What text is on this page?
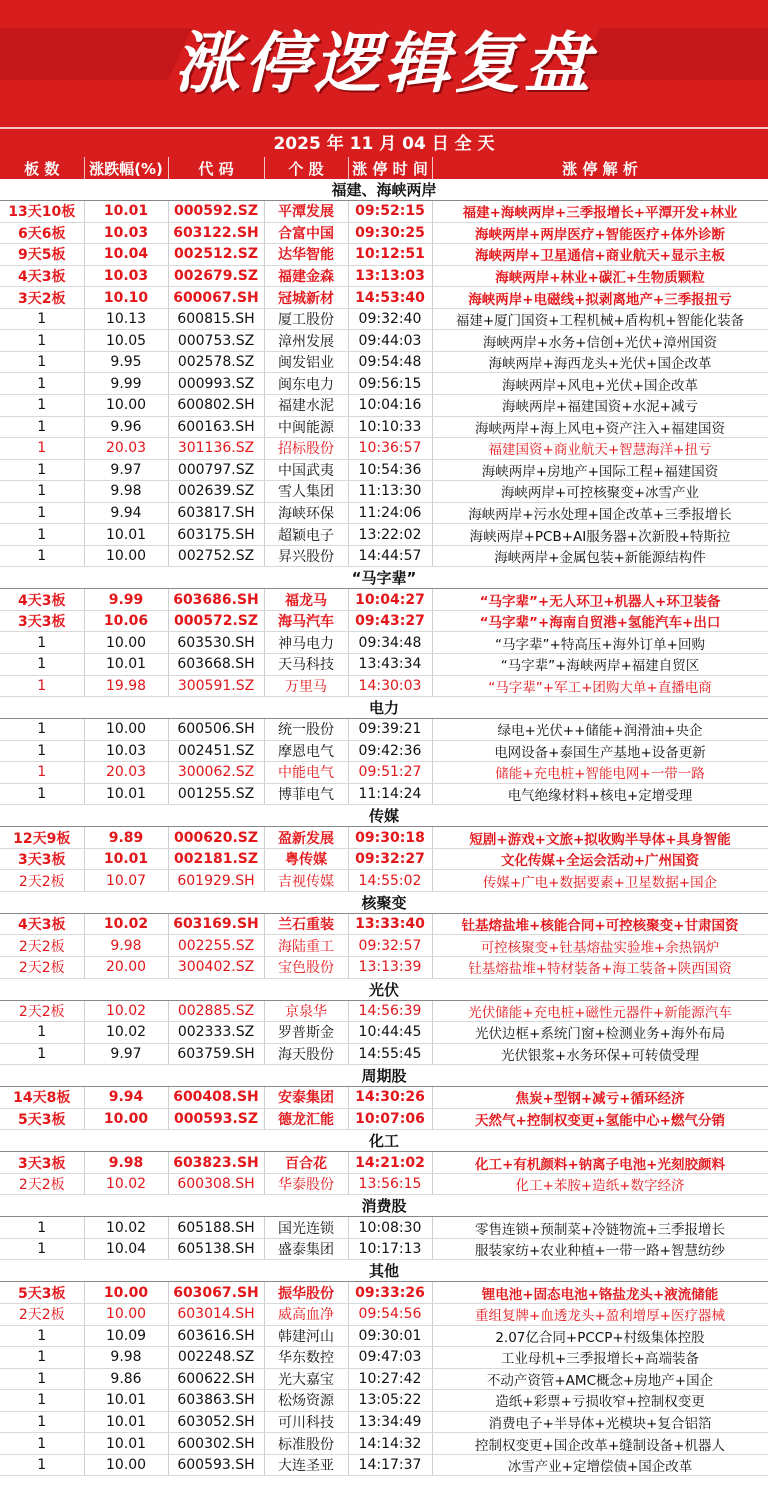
涨停逻辑复盘
2025 年 11 月 04 日 全 天
板 数	涨跌幅(%)	代 码	个 股	涨 停 时 间	涨 停 解 析
福建、海峡两岸					
13天10板	10.01	000592.SZ	平潭发展	09:52:15	福建+海峡两岸+三季报增长+平潭开发+林业
6天6板	10.03	603122.SH	合富中国	09:30:25	海峡两岸+两岸医疗+智能医疗+体外诊断
9天5板	10.04	002512.SZ	达华智能	10:12:51	海峡两岸+卫星通信+商业航天+显示主板
4天3板	10.03	002679.SZ	福建金森	13:13:03	海峡两岸+林业+碳汇+生物质颗粒
3天2板	10.10	600067.SH	冠城新材	14:53:40	海峡两岸+电磁线+拟剥离地产+三季报扭亏
1	10.13	600815.SH	厦工股份	09:32:40	福建+厦门国资+工程机械+盾构机+智能化装备
1	10.05	000753.SZ	漳州发展	09:44:03	海峡两岸+水务+信创+光伏+漳州国资
1	9.95	002578.SZ	闽发铝业	09:54:48	海峡两岸+海西龙头+光伏+国企改革
1	9.99	000993.SZ	闽东电力	09:56:15	海峡两岸+风电+光伏+国企改革
1	10.00	600802.SH	福建水泥	10:04:16	海峡两岸+福建国资+水泥+减亏
1	9.96	600163.SH	中闽能源	10:10:33	海峡两岸+海上风电+资产注入+福建国资
1	20.03	301136.SZ	招标股份	10:36:57	福建国资+商业航天+智慧海洋+扭亏
1	9.97	000797.SZ	中国武夷	10:54:36	海峡两岸+房地产+国际工程+福建国资
1	9.98	002639.SZ	雪人集团	11:13:30	海峡两岸+可控核聚变+冰雪产业
1	9.94	603817.SH	海峡环保	11:24:06	海峡两岸+污水处理+国企改革+三季报增长
1	10.01	603175.SH	超颖电子	13:22:02	海峡两岸+PCB+AI服务器+次新股+特斯拉
1	10.00	002752.SZ	昇兴股份	14:44:57	海峡两岸+金属包装+新能源结构件
“马字辈”					
4天3板	9.99	603686.SH	福龙马	10:04:27	“马字辈”+无人环卫+机器人+环卫装备
3天3板	10.06	000572.SZ	海马汽车	09:43:27	“马字辈”+海南自贸港+氢能汽车+出口
1	10.00	603530.SH	神马电力	09:34:48	“马字辈”+特高压+海外订单+回购
1	10.01	603668.SH	天马科技	13:43:34	“马字辈”+海峡两岸+福建自贸区
1	19.98	300591.SZ	万里马	14:30:03	“马字辈”+军工+团购大单+直播电商
电力					
1	10.00	600506.SH	统一股份	09:39:21	绿电+光伏++储能+润滑油+央企
1	10.03	002451.SZ	摩恩电气	09:42:36	电网设备+泰国生产基地+设备更新
1	20.03	300062.SZ	中能电气	09:51:27	储能+充电桩+智能电网+一带一路
1	10.01	001255.SZ	博菲电气	11:14:24	电气绝缘材料+核电+定增受理
传媒					
12天9板	9.89	000620.SZ	盈新发展	09:30:18	短剧+游戏+文旅+拟收购半导体+具身智能
3天3板	10.01	002181.SZ	粤传媒	09:32:27	文化传媒+全运会活动+广州国资
2天2板	10.07	601929.SH	吉视传媒	14:55:02	传媒+广电+数据要素+卫星数据+国企
核聚变					
4天3板	10.02	603169.SH	兰石重装	13:33:40	钍基熔盐堆+核能合同+可控核聚变+甘肃国资
2天2板	9.98	002255.SZ	海陆重工	09:32:57	可控核聚变+钍基熔盐实验堆+余热锅炉
2天2板	20.00	300402.SZ	宝色股份	13:13:39	钍基熔盐堆+特材装备+海工装备+陕西国资
光伏					
2天2板	10.02	002885.SZ	京泉华	14:56:39	光伏储能+充电桩+磁性元器件+新能源汽车
1	10.02	002333.SZ	罗普斯金	10:44:45	光伏边框+系统门窗+检测业务+海外布局
1	9.97	603759.SH	海天股份	14:55:45	光伏银浆+水务环保+可转债受理
周期股					
14天8板	9.94	600408.SH	安泰集团	14:30:26	焦炭+型钢+减亏+循环经济
5天3板	10.00	000593.SZ	德龙汇能	10:07:06	天然气+控制权变更+氢能中心+燃气分销
化工					
3天3板	9.98	603823.SH	百合花	14:21:02	化工+有机颜料+钠离子电池+光刻胶颜料
2天2板	10.02	600308.SH	华泰股份	13:56:15	化工+苯胺+造纸+数字经济
消费股					
1	10.02	605188.SH	国光连锁	10:08:30	零售连锁+预制菜+冷链物流+三季报增长
1	10.04	605138.SH	盛泰集团	10:17:13	服装家纺+农业种植+一带一路+智慧纺纱
其他					
5天3板	10.00	603067.SH	振华股份	09:33:26	锂电池+固态电池+铬盐龙头+液流储能
2天2板	10.00	603014.SH	威高血净	09:54:56	重组复牌+血透龙头+盈利增厚+医疗器械
1	10.09	603616.SH	韩建河山	09:30:01	2.07亿合同+PCCP+村级集体控股
1	9.98	002248.SZ	华东数控	09:47:03	工业母机+三季报增长+高端装备
1	9.86	600622.SH	光大嘉宝	10:27:42	不动产资管+AMC概念+房地产+国企
1	10.01	603863.SH	松炀资源	13:05:22	造纸+彩票+亏损收窄+控制权变更
1	10.01	603052.SH	可川科技	13:34:49	消费电子+半导体+光模块+复合铝箔
1	10.01	600302.SH	标准股份	14:14:32	控制权变更+国企改革+缝制设备+机器人
1	10.00	600593.SH	大连圣亚	14:17:37	冰雪产业+定增偿债+国企改革
